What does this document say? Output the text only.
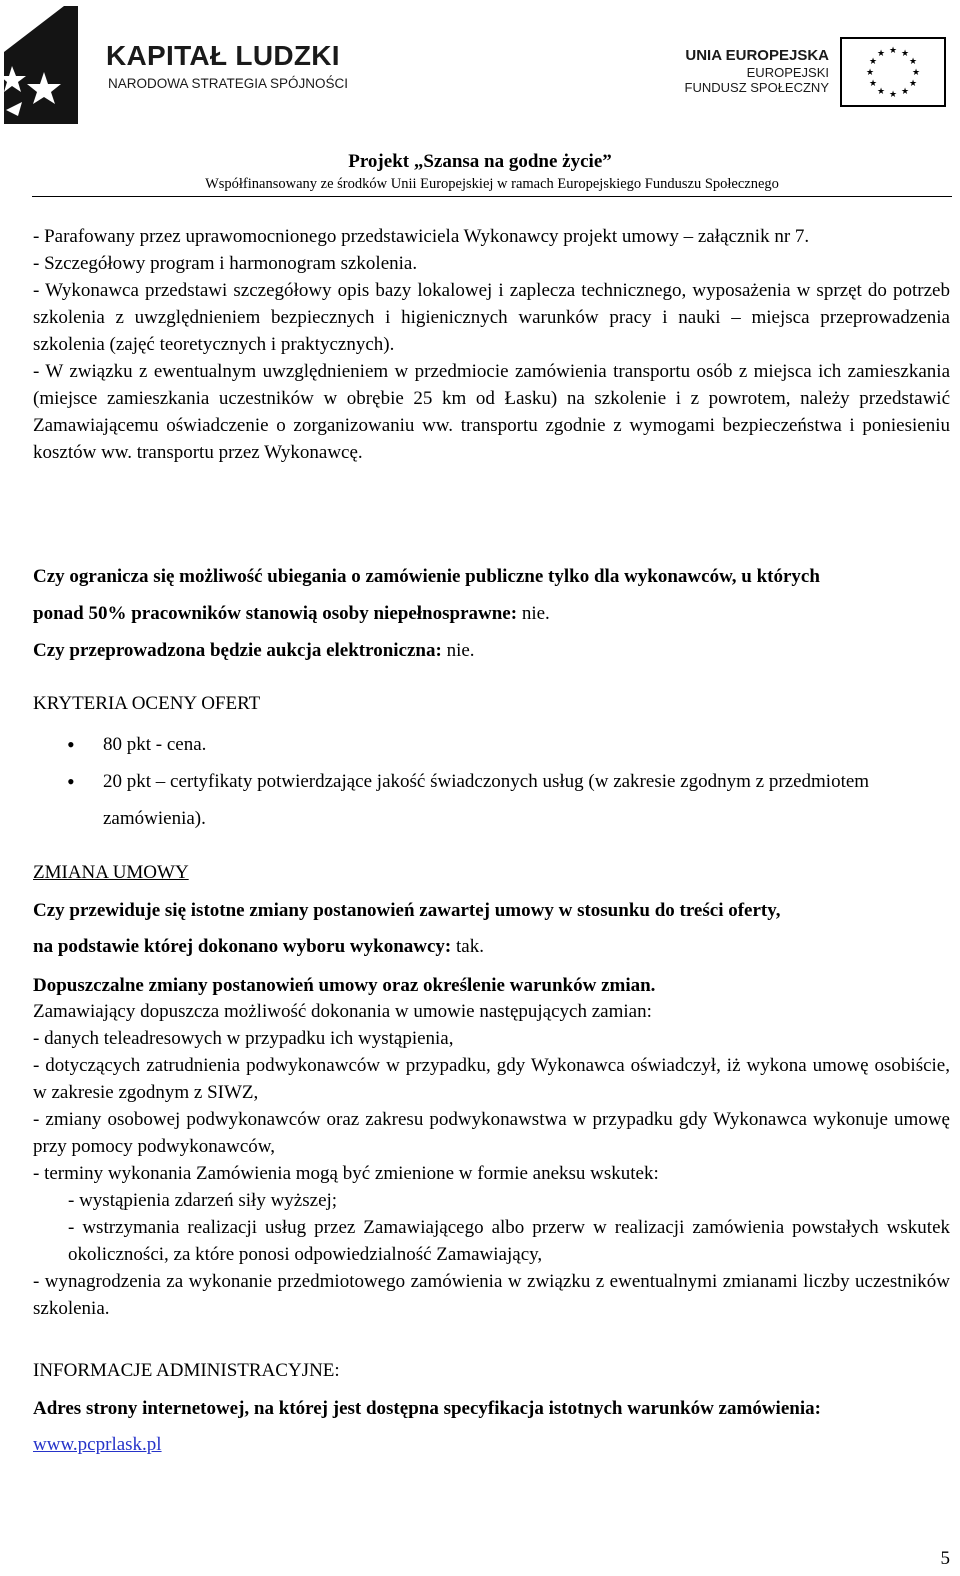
KAPITAŁ LUDZKI
NARODOWA STRATEGIA SPÓJNOŚCI
UNIA EUROPEJSKA
EUROPEJSKI
FUNDUSZ SPOŁECZNY
★ ★
★
★
★
★
★
★
★
★
★
★
Projekt „Szansa na godne życie”
Współfinansowany ze środków Unii Europejskiej w ramach Europejskiego Funduszu Społecznego

- Parafowany przez uprawomocnionego przedstawiciela Wykonawcy projekt umowy – załącznik nr 7.

- Szczegółowy program i harmonogram szkolenia.

- Wykonawca przedstawi szczegółowy opis bazy lokalowej i zaplecza technicznego, wyposażenia w sprzęt do potrzeb szkolenia z uwzględnieniem bezpiecznych i higienicznych warunków pracy i nauki – miejsca przeprowadzenia szkolenia (zajęć teoretycznych i praktycznych).

- W związku z ewentualnym uwzględnieniem w przedmiocie zamówienia transportu osób z miejsca ich zamieszkania (miejsce zamieszkania uczestników w obrębie 25 km od Łasku) na szkolenie i z powrotem, należy przedstawić Zamawiającemu oświadczenie o zorganizowaniu ww. transportu zgodnie z wymogami bezpieczeństwa i poniesieniu kosztów ww. transportu przez Wykonawcę.

Czy ogranicza się możliwość ubiegania o zamówienie publiczne tylko dla wykonawców, u których

ponad 50% pracowników stanowią osoby niepełnosprawne: nie.

Czy przeprowadzona będzie aukcja elektroniczna: nie.

KRYTERIA OCENY OFERT

• 80 pkt - cena.
• 20 pkt – certyfikaty potwierdzające jakość świadczonych usług (w zakresie zgodnym z przedmiotem zamówienia).

ZMIANA UMOWY

Czy przewiduje się istotne zmiany postanowień zawartej umowy w stosunku do treści oferty,

na podstawie której dokonano wyboru wykonawcy: tak.

Dopuszczalne zmiany postanowień umowy oraz określenie warunków zmian.

Zamawiający dopuszcza możliwość dokonania w umowie następujących zamian:

- danych teleadresowych w przypadku ich wystąpienia,

- dotyczących zatrudnienia podwykonawców w przypadku, gdy Wykonawca oświadczył, iż wykona umowę osobiście, w zakresie zgodnym z SIWZ,

- zmiany osobowej podwykonawców oraz zakresu podwykonawstwa w przypadku gdy Wykonawca wykonuje umowę przy pomocy podwykonawców,

- terminy wykonania Zamówienia mogą być zmienione w formie aneksu wskutek:

- wystąpienia zdarzeń siły wyższej;

- wstrzymania realizacji usług przez Zamawiającego albo przerw w realizacji zamówienia powstałych wskutek okoliczności, za które ponosi odpowiedzialność Zamawiający,

- wynagrodzenia za wykonanie przedmiotowego zamówienia w związku z ewentualnymi zmianami liczby uczestników szkolenia.

INFORMACJE ADMINISTRACYJNE:

Adres strony internetowej, na której jest dostępna specyfikacja istotnych warunków zamówienia:

www.pcprlask.pl
5
